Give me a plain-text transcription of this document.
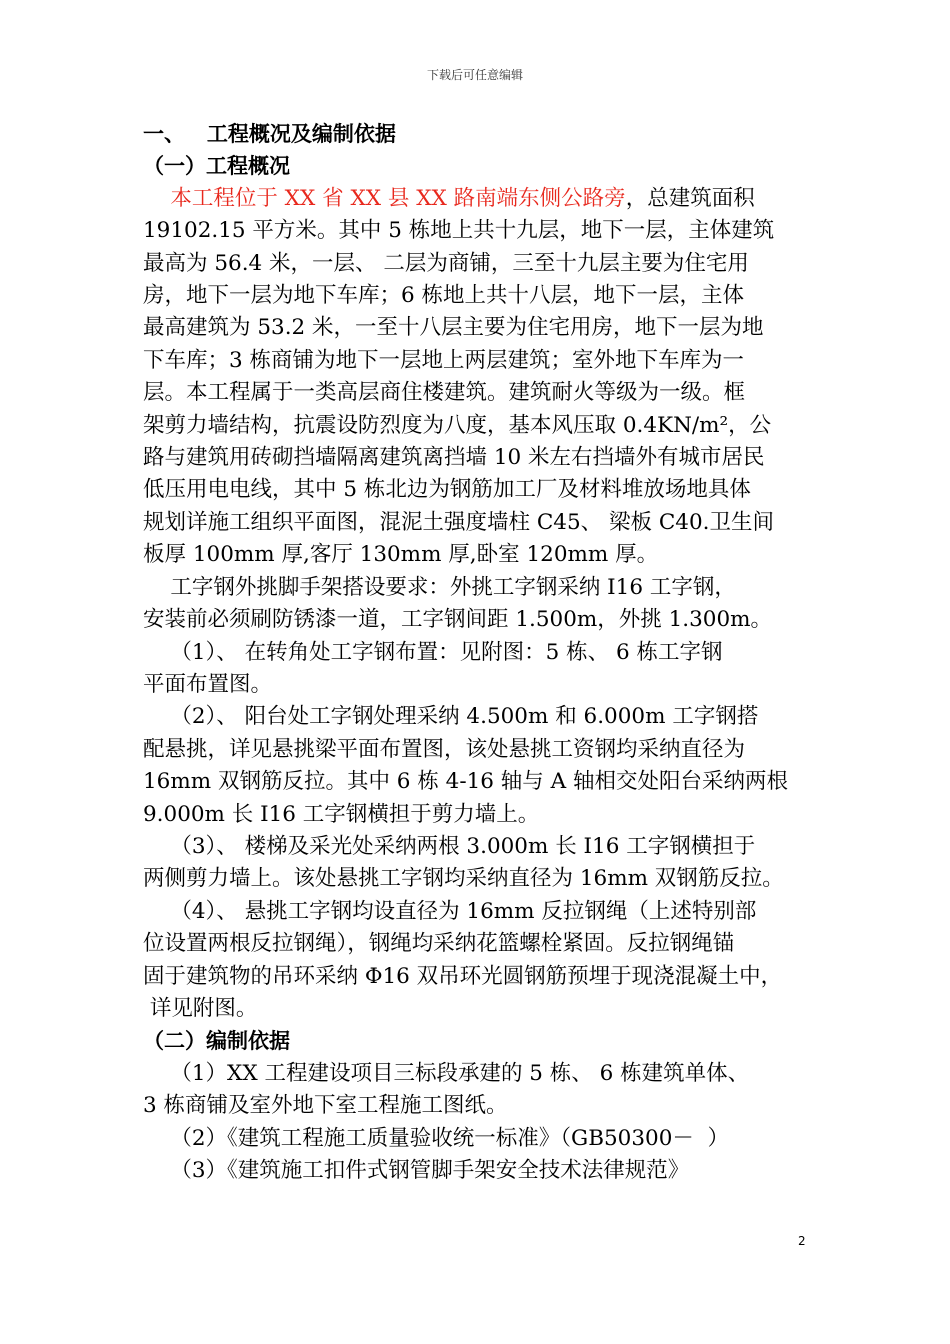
下载后可任意编辑
一、   工程概况及编制依据
（一）工程概况
本工程位于 XX 省 XX 县 XX 路南端东侧公路旁，总建筑面积
19102.15 平方米。其中 5 栋地上共十九层，地下一层，主体建筑
最高为 56.4 米，一层、 二层为商铺，三至十九层主要为住宅用
房，地下一层为地下车库；6 栋地上共十八层，地下一层，主体
最高建筑为 53.2 米，一至十八层主要为住宅用房，地下一层为地
下车库；3 栋商铺为地下一层地上两层建筑；室外地下车库为一
层。本工程属于一类高层商住楼建筑。建筑耐火等级为一级。框
架剪力墙结构，抗震设防烈度为八度，基本风压取 0.4KN/m²，公
路与建筑用砖砌挡墙隔离建筑离挡墙 10 米左右挡墙外有城市居民
低压用电电线，其中 5 栋北边为钢筋加工厂及材料堆放场地具体
规划详施工组织平面图，混泥土强度墙柱 C45、 梁板 C40.卫生间
板厚 100mm 厚,客厅 130mm 厚,卧室 120mm 厚。
工字钢外挑脚手架搭设要求：外挑工字钢采纳 I16 工字钢，
安装前必须刷防锈漆一道，工字钢间距 1.500m，外挑 1.300m。
（1）、 在转角处工字钢布置：见附图：5 栋、 6 栋工字钢
平面布置图。
（2）、 阳台处工字钢处理采纳 4.500m 和 6.000m 工字钢搭
配悬挑，详见悬挑梁平面布置图，该处悬挑工资钢均采纳直径为
16mm 双钢筋反拉。其中 6 栋 4-16 轴与 A 轴相交处阳台采纳两根
9.000m 长 I16 工字钢横担于剪力墙上。
（3）、 楼梯及采光处采纳两根 3.000m 长 I16 工字钢横担于
两侧剪力墙上。该处悬挑工字钢均采纳直径为 16mm 双钢筋反拉。
（4）、 悬挑工字钢均设直径为 16mm 反拉钢绳（上述特别部
位设置两根反拉钢绳），钢绳均采纳花篮螺栓紧固。反拉钢绳锚
固于建筑物的吊环采纳 Φ16 双吊环光圆钢筋预埋于现浇混凝土中，
详见附图。
（二）编制依据
（1）XX 工程建设项目三标段承建的 5 栋、 6 栋建筑单体、
3 栋商铺及室外地下室工程施工图纸。
（2）《建筑工程施工质量验收统一标准》（GB50300－  ）
（3）《建筑施工扣件式钢管脚手架安全技术法律规范》
2
